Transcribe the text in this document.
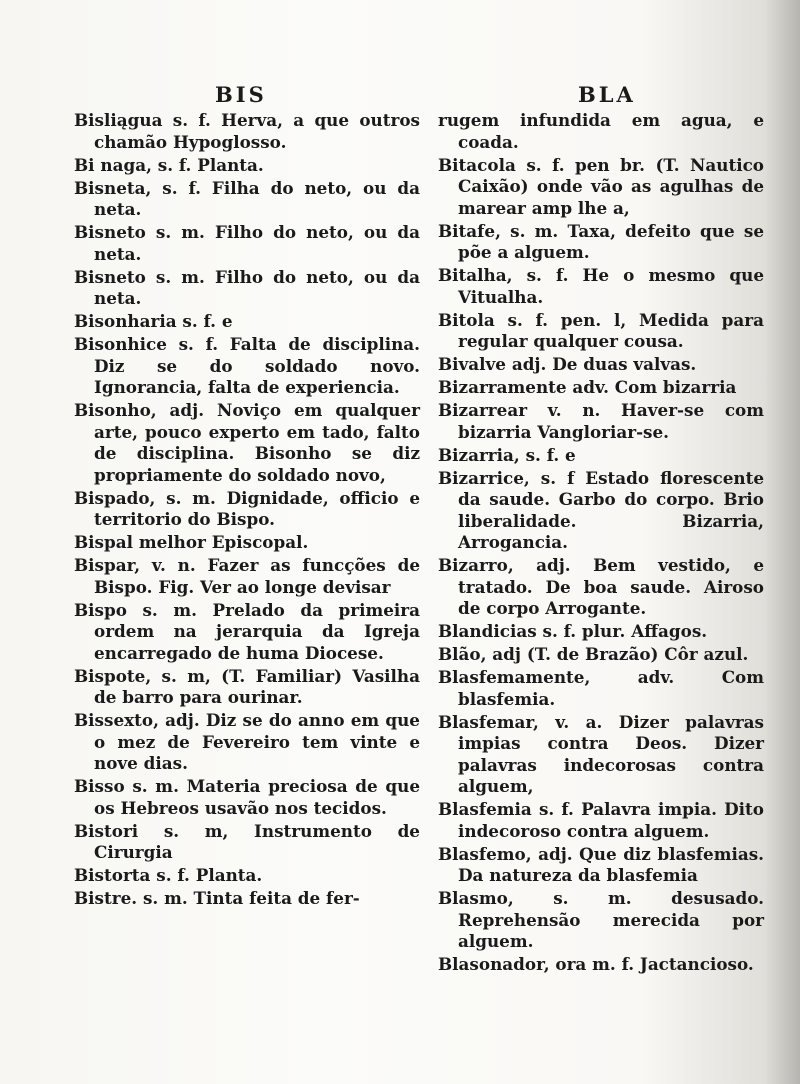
BIS	BLA

Bisliągua s. f. Herva, a que outros chamão Hypoglosso.

Bi naga, s. f. Planta.

Bisneta, s. f. Filha do neto, ou da neta.

Bisneto s. m. Filho do neto, ou da neta.

Bisneto s. m. Filho do neto, ou da neta.

Bisonharia s. f. e

Bisonhice s. f. Falta de disciplina. Diz se do soldado novo. Ignorancia, falta de experiencia.

Bisonho, adj. Noviço em qualquer arte, pouco experto em tado, falto de disciplina. Bisonho se diz propriamente do soldado novo,

Bispado, s. m. Dignidade, officio e territorio do Bispo.

Bispal melhor Episcopal.

Bispar, v. n. Fazer as funcções de Bispo. Fig. Ver ao longe devisar

Bispo s. m. Prelado da primeira ordem na jerarquia da Igreja encarregado de huma Diocese.

Bispote, s. m, (T. Familiar) Vasilha de barro para ourinar.

Bissexto, adj. Diz se do anno em que o mez de Fevereiro tem vinte e nove dias.

Bisso s. m. Materia preciosa de que os Hebreos usavão nos tecidos.

Bistori s. m, Instrumento de Cirurgia

Bistorta s. f. Planta.

Bistre. s. m. Tinta feita de fer-

rugem infundida em agua, e coada.

Bitacola s. f. pen br. (T. Nautico Caixão) onde vão as agulhas de marear amp lhe a,

Bitafe, s. m. Taxa, defeito que se põe a alguem.

Bitalha, s. f. He o mesmo que Vitualha.

Bitola s. f. pen. l, Medida para regular qualquer cousa.

Bivalve adj. De duas valvas.

Bizarramente adv. Com bizarria

Bizarrear v. n. Haver-se com bizarria Vangloriar-se.

Bizarria, s. f. e

Bizarrice, s. f Estado florescente da saude. Garbo do corpo. Brio liberalidade. Bizarria, Arrogancia.

Bizarro, adj. Bem vestido, e tratado. De boa saude. Airoso de corpo Arrogante.

Blandicias s. f. plur. Affagos.

Blão, adj (T. de Brazão) Côr azul.

Blasfemamente, adv. Com blasfemia.

Blasfemar, v. a. Dizer palavras impias contra Deos. Dizer palavras indecorosas contra alguem,

Blasfemia s. f. Palavra impia. Dito indecoroso contra alguem.

Blasfemo, adj. Que diz blasfemias. Da natureza da blasfemia

Blasmo, s. m. desusado. Reprehensão merecida por alguem.

Blasonador, ora m. f. Jactancioso.
